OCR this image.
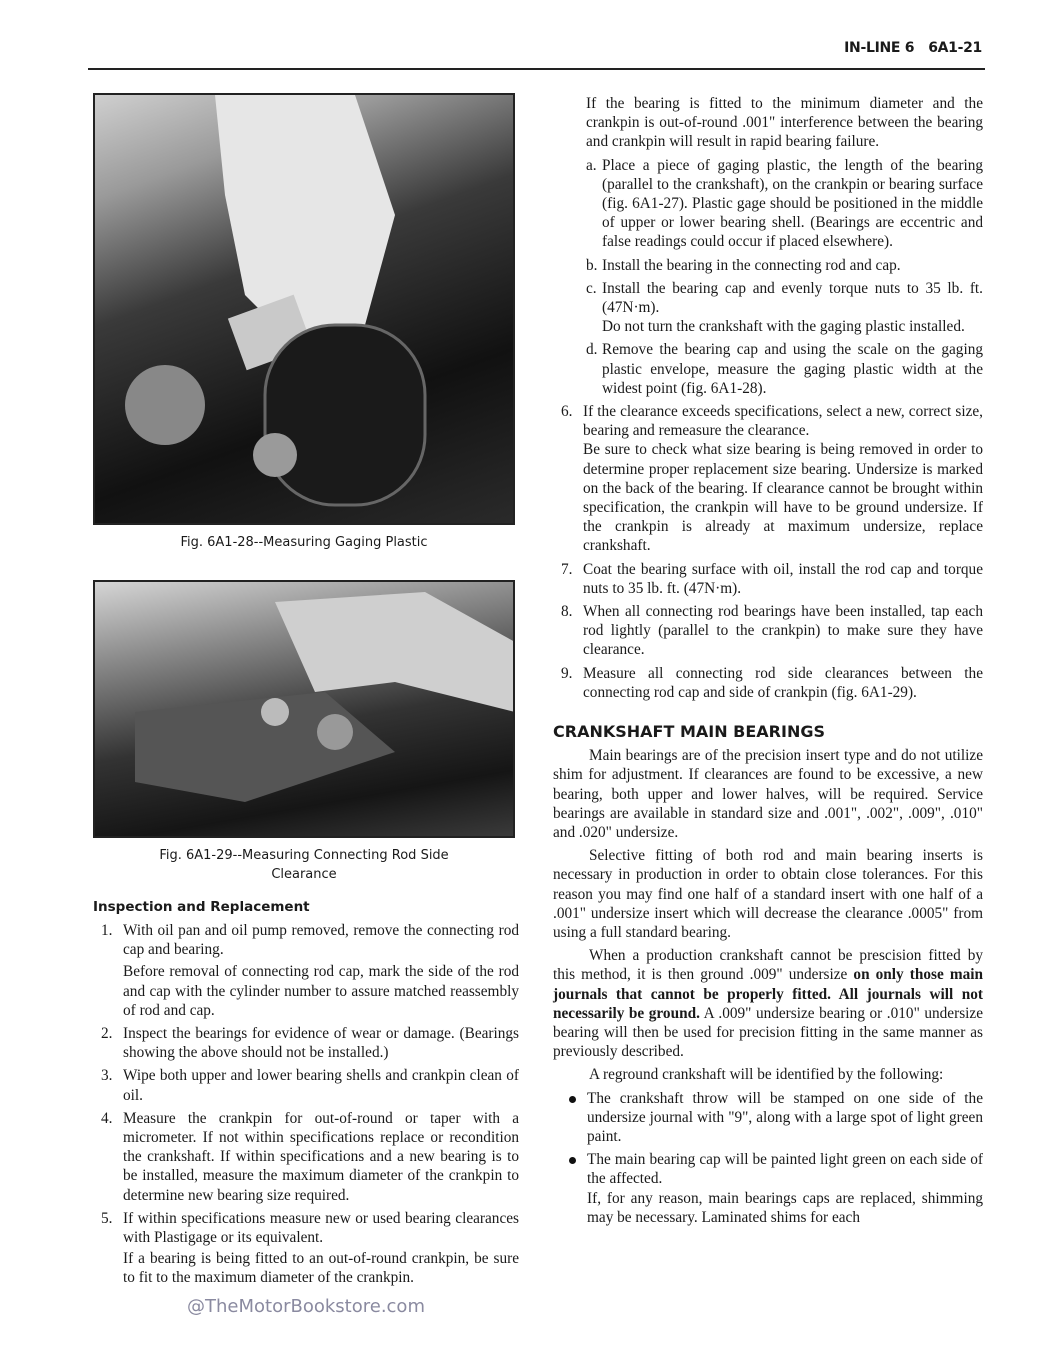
IN-LINE 6 6A1-21
Fig. 6A1-28--Measuring Gaging Plastic
Fig. 6A1-29--Measuring Connecting Rod Side
Clearance
Inspection and Replacement
1. With oil pan and oil pump removed, remove the connecting rod cap and bearing.

Before removal of connecting rod cap, mark the side of the rod and cap with the cylinder number to assure matched reassembly of rod and cap.

2. Inspect the bearings for evidence of wear or damage. (Bearings showing the above should not be installed.)

3. Wipe both upper and lower bearing shells and crankpin clean of oil.

4. Measure the crankpin for out-of-round or taper with a micrometer. If not within specifications replace or recondition the crankshaft. If within specifications and a new bearing is to be installed, measure the maximum diameter of the crankpin to determine new bearing size required.

5. If within specifications measure new or used bearing clearances with Plastigage or its equivalent.

If a bearing is being fitted to an out-of-round crankpin, be sure to fit to the maximum diameter of the crankpin.

@TheMotorBookstore.com
If the bearing is fitted to the minimum diameter and the crankpin is out-of-round .001" interference between the bearing and crankpin will result in rapid bearing failure.
a. Place a piece of gaging plastic, the length of the bearing (parallel to the crankshaft), on the crankpin or bearing surface (fig. 6A1-27). Plastic gage should be positioned in the middle of upper or lower bearing shell. (Bearings are eccentric and false readings could occur if placed elsewhere).

b. Install the bearing in the connecting rod and cap.

c. Install the bearing cap and evenly torque nuts to 35 lb. ft. (47N·m).

Do not turn the crankshaft with the gaging plastic installed.

d. Remove the bearing cap and using the scale on the gaging plastic envelope, measure the gaging plastic width at the widest point (fig. 6A1-28).

6. If the clearance exceeds specifications, select a new, correct size, bearing and remeasure the clearance.

Be sure to check what size bearing is being removed in order to determine proper replacement size bearing. Undersize is marked on the back of the bearing. If clearance cannot be brought within specification, the crankpin will have to be ground undersize. If the crankpin is already at maximum undersize, replace crankshaft.

7. Coat the bearing surface with oil, install the rod cap and torque nuts to 35 lb. ft. (47N·m).

8. When all connecting rod bearings have been installed, tap each rod lightly (parallel to the crankpin) to make sure they have clearance.

9. Measure all connecting rod side clearances between the connecting rod cap and side of crankpin (fig. 6A1-29).

CRANKSHAFT MAIN BEARINGS
Main bearings are of the precision insert type and do not utilize shim for adjustment. If clearances are found to be excessive, a new bearing, both upper and lower halves, will be required. Service bearings are available in standard size and .001", .002", .009", .010" and .020" undersize.
Selective fitting of both rod and main bearing inserts is necessary in production in order to obtain close tolerances. For this reason you may find one half of a standard insert with one half of a .001" undersize insert which will decrease the clearance .0005" from using a full standard bearing.
When a production crankshaft cannot be prescision fitted by this method, it is then ground .009" undersize on only those main journals that cannot be properly fitted. All journals will not necessarily be ground. A .009" undersize bearing or .010" undersize bearing will then be used for precision fitting in the same manner as previously described.
A reground crankshaft will be identified by the following:

The crankshaft throw will be stamped on one side of the undersize journal with "9", along with a large spot of light green paint.

The main bearing cap will be painted light green on each side of the affected.

If, for any reason, main bearings caps are replaced, shimming may be necessary. Laminated shims for each
